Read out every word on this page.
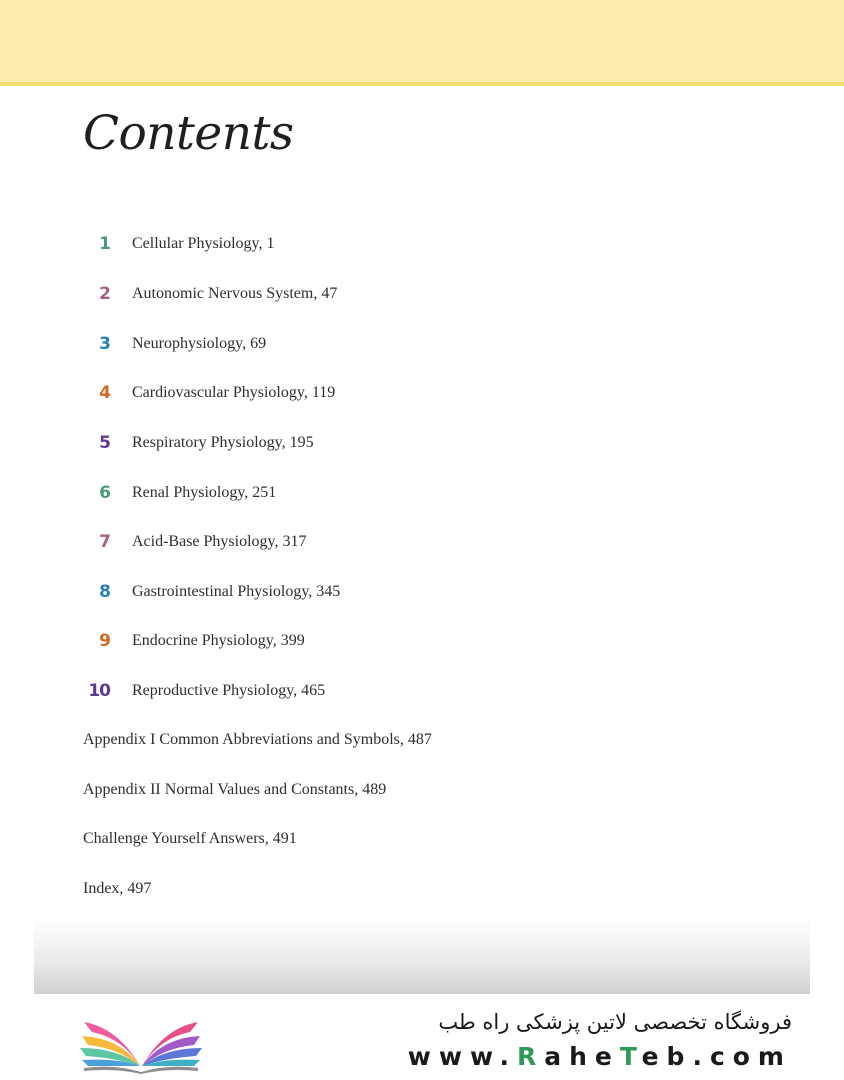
Contents
1 Cellular Physiology, 1
2 Autonomic Nervous System, 47
3 Neurophysiology, 69
4 Cardiovascular Physiology, 119
5 Respiratory Physiology, 195
6 Renal Physiology, 251
7 Acid-Base Physiology, 317
8 Gastrointestinal Physiology, 345
9 Endocrine Physiology, 399
10 Reproductive Physiology, 465
Appendix I Common Abbreviations and Symbols, 487
Appendix II Normal Values and Constants, 489
Challenge Yourself Answers, 491
Index, 497
فروشگاه تخصصی لاتین پزشکی راه طب
www.RaheTeb.com
